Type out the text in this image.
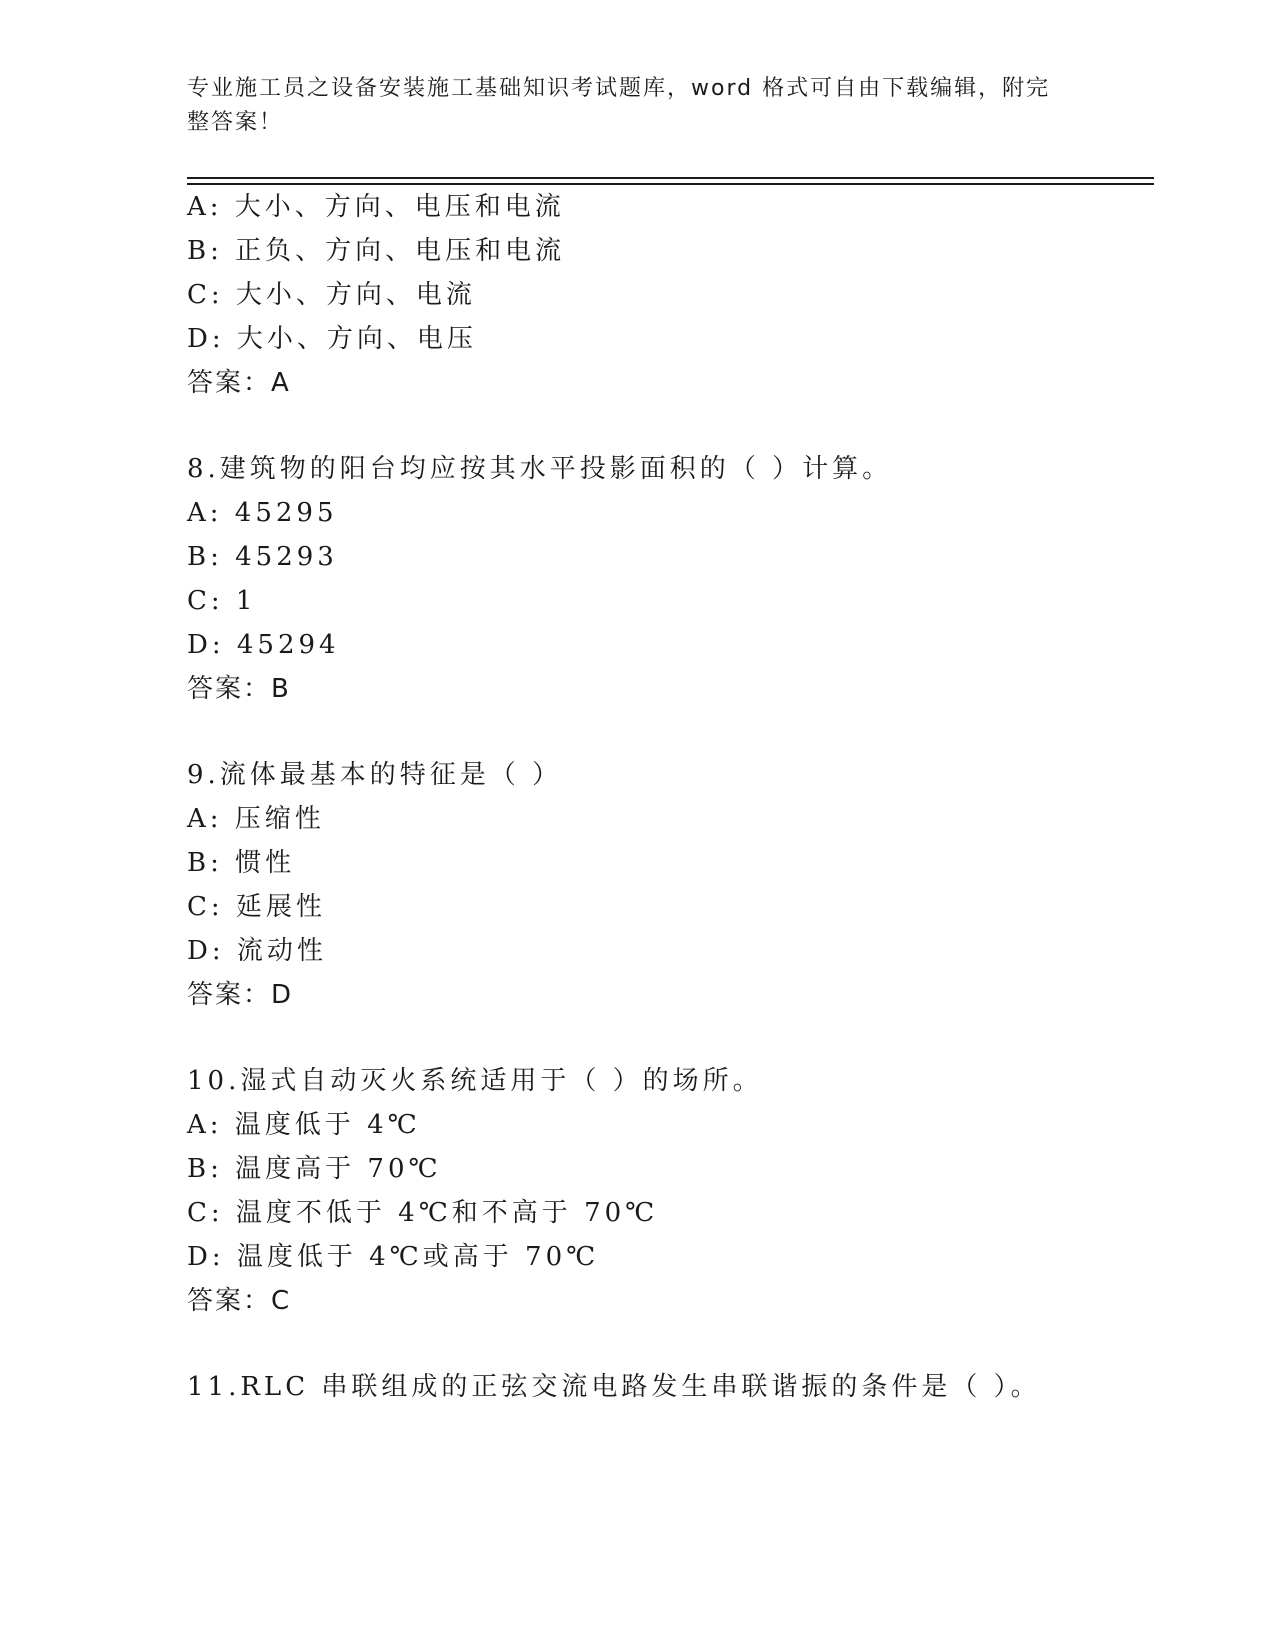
专业施工员之设备安装施工基础知识考试题库，word 格式可自由下载编辑，附完
整答案！
A: 大小、方向、电压和电流
B: 正负、方向、电压和电流
C: 大小、方向、电流
D: 大小、方向、电压
答案：A
8.建筑物的阳台均应按其水平投影面积的（ ）计算。
A: 45295
B: 45293
C: 1
D: 45294
答案：B
9.流体最基本的特征是（ ）
A: 压缩性
B: 惯性
C: 延展性
D: 流动性
答案：D
10.湿式自动灭火系统适用于（ ）的场所。
A: 温度低于 4℃
B: 温度高于 70℃
C: 温度不低于 4℃和不高于 70℃
D: 温度低于 4℃或高于 70℃
答案：C
11.RLC 串联组成的正弦交流电路发生串联谐振的条件是（ ）。
